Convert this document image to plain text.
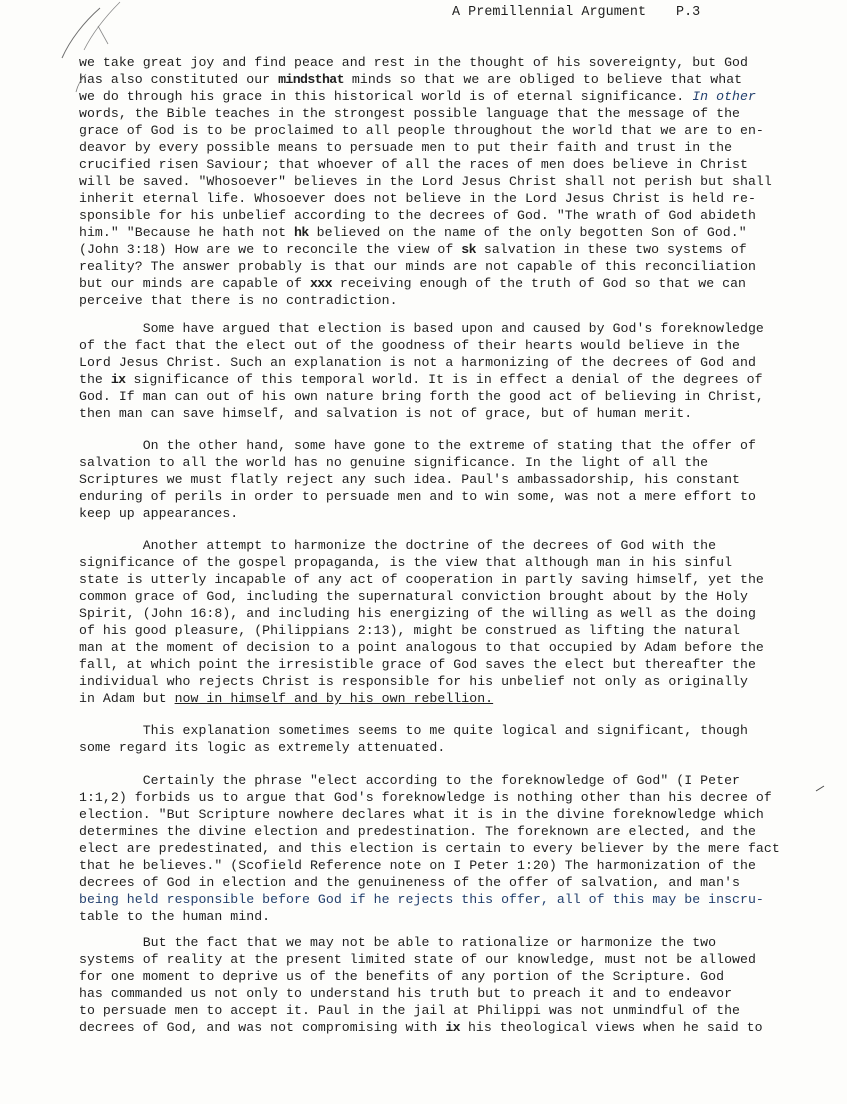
A Premillennial Argument P.3
we take great joy and find peace and rest in the thought of his sovereignty, but God
has also constituted our mindsthat minds so that we are obliged to believe that what
we do through his grace in this historical world is of eternal significance. In other
words, the Bible teaches in the strongest possible language that the message of the
grace of God is to be proclaimed to all people throughout the world that we are to en-
deavor by every possible means to persuade men to put their faith and trust in the
crucified risen Saviour; that whoever of all the races of men does believe in Christ
will be saved. "Whosoever" believes in the Lord Jesus Christ shall not perish but shall
inherit eternal life. Whosoever does not believe in the Lord Jesus Christ is held re-
sponsible for his unbelief according to the decrees of God. "The wrath of God abideth
him." "Because he hath not hk believed on the name of the only begotten Son of God."
(John 3:18) How are we to reconcile the view of sk salvation in these two systems of
reality? The answer probably is that our minds are not capable of this reconciliation
but our minds are capable of xxx receiving enough of the truth of God so that we can
perceive that there is no contradiction.
Some have argued that election is based upon and caused by God's foreknowledge
of the fact that the elect out of the goodness of their hearts would believe in the
Lord Jesus Christ. Such an explanation is not a harmonizing of the decrees of God and
the ix significance of this temporal world. It is in effect a denial of the degrees of
God. If man can out of his own nature bring forth the good act of believing in Christ,
then man can save himself, and salvation is not of grace, but of human merit.
On the other hand, some have gone to the extreme of stating that the offer of
salvation to all the world has no genuine significance. In the light of all the
Scriptures we must flatly reject any such idea. Paul's ambassadorship, his constant
enduring of perils in order to persuade men and to win some, was not a mere effort to
keep up appearances.
Another attempt to harmonize the doctrine of the decrees of God with the
significance of the gospel propaganda, is the view that although man in his sinful
state is utterly incapable of any act of cooperation in partly saving himself, yet the
common grace of God, including the supernatural conviction brought about by the Holy
Spirit, (John 16:8), and including his energizing of the willing as well as the doing
of his good pleasure, (Philippians 2:13), might be construed as lifting the natural
man at the moment of decision to a point analogous to that occupied by Adam before the
fall, at which point the irresistible grace of God saves the elect but thereafter the
individual who rejects Christ is responsible for his unbelief not only as originally
in Adam but now in himself and by his own rebellion.
This explanation sometimes seems to me quite logical and significant, though
some regard its logic as extremely attenuated.
Certainly the phrase "elect according to the foreknowledge of God" (I Peter
1:1,2) forbids us to argue that God's foreknowledge is nothing other than his decree of
election. "But Scripture nowhere declares what it is in the divine foreknowledge which
determines the divine election and predestination. The foreknown are elected, and the
elect are predestinated, and this election is certain to every believer by the mere fact
that he believes." (Scofield Reference note on I Peter 1:20) The harmonization of the
decrees of God in election and the genuineness of the offer of salvation, and man's
being held responsible before God if he rejects this offer, all of this may be inscru-
table to the human mind.
But the fact that we may not be able to rationalize or harmonize the two
systems of reality at the present limited state of our knowledge, must not be allowed
for one moment to deprive us of the benefits of any portion of the Scripture. God
has commanded us not only to understand his truth but to preach it and to endeavor
to persuade men to accept it. Paul in the jail at Philippi was not unmindful of the
decrees of God, and was not compromising with ix his theological views when he said to
